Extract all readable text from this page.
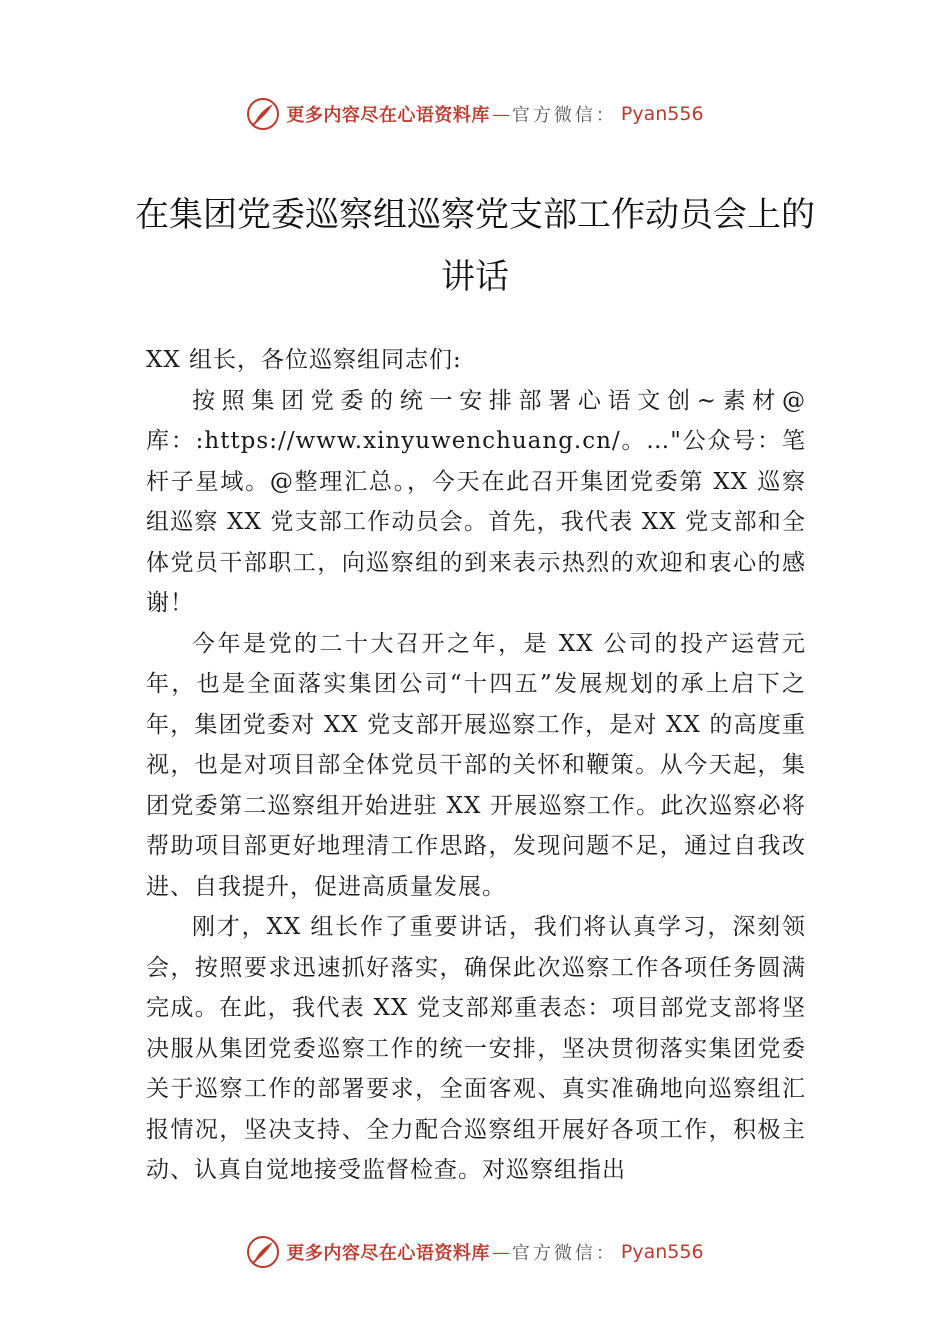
更多内容尽在心语资料库 — 官方微信： Pyan556
在集团党委巡察组巡察党支部工作动员会上的讲话

XX 组长，各位巡察组同志们:

按照集团党委的统一安排部署心语文创~素材@库：:https://www.xinyuwenchuang.cn/。…"公众号：笔杆子星域。@整理汇总。，今天在此召开集团党委第 XX 巡察组巡察 XX 党支部工作动员会。首先，我代表 XX 党支部和全体党员干部职工，向巡察组的到来表示热烈的欢迎和衷心的感谢！

今年是党的二十大召开之年，是 XX 公司的投产运营元年，也是全面落实集团公司“十四五”发展规划的承上启下之年，集团党委对 XX 党支部开展巡察工作，是对 XX 的高度重视，也是对项目部全体党员干部的关怀和鞭策。从今天起，集团党委第二巡察组开始进驻 XX 开展巡察工作。此次巡察必将帮助项目部更好地理清工作思路，发现问题不足，通过自我改进、自我提升，促进高质量发展。

刚才，XX 组长作了重要讲话，我们将认真学习，深刻领会，按照要求迅速抓好落实，确保此次巡察工作各项任务圆满完成。在此，我代表 XX 党支部郑重表态：项目部党支部将坚决服从集团党委巡察工作的统一安排，坚决贯彻落实集团党委关于巡察工作的部署要求，全面客观、真实准确地向巡察组汇报情况，坚决支持、全力配合巡察组开展好各项工作，积极主动、认真自觉地接受监督检查。对巡察组指出

更多内容尽在心语资料库 — 官方微信： Pyan556
